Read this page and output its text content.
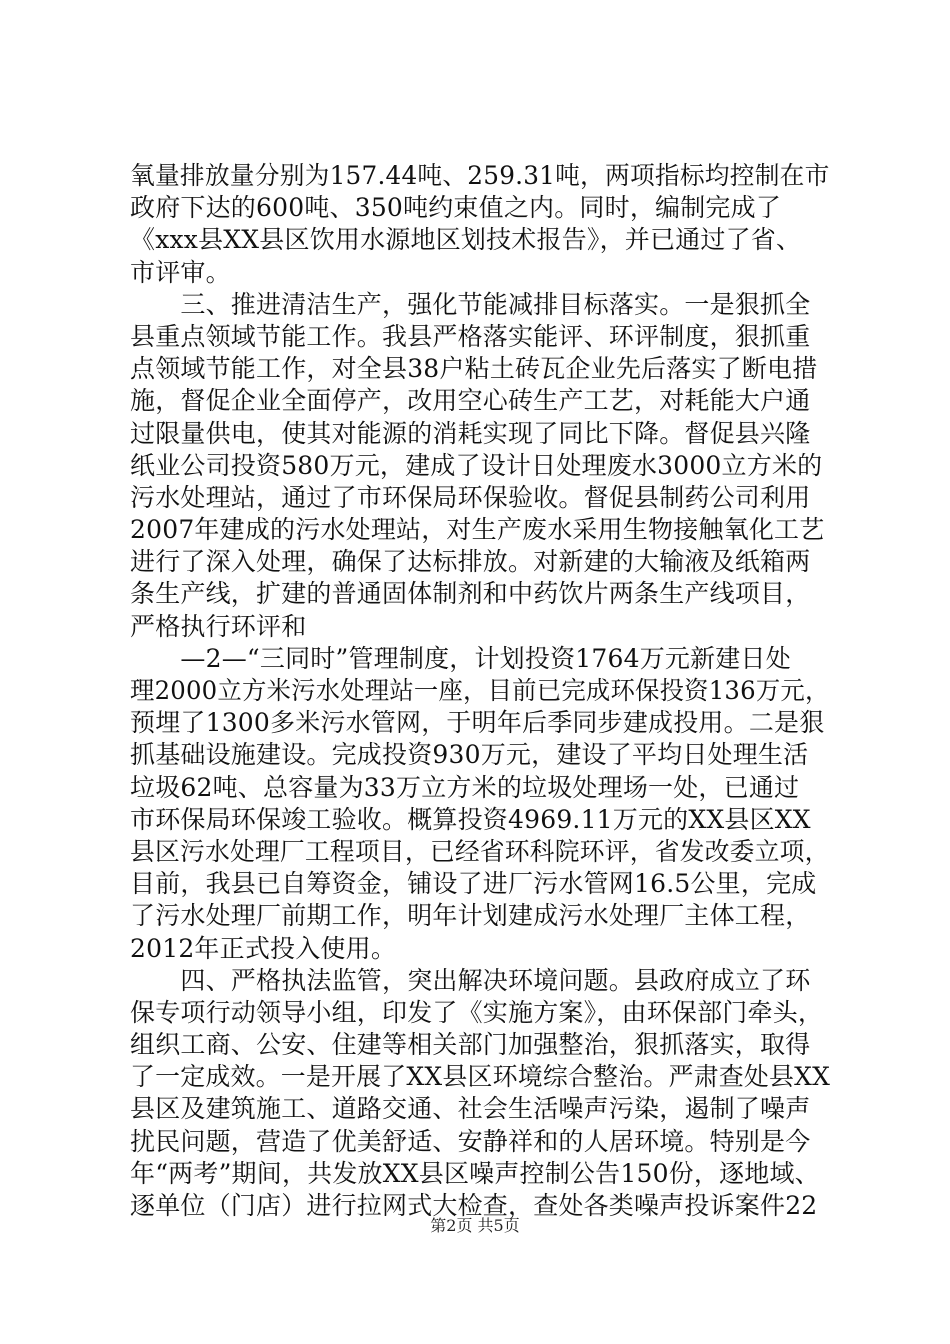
氧量排放量分别为157.44吨、259.31吨，两项指标均控制在市
政府下达的600吨、350吨约束值之内。同时，编制完成了
《xxx县XX县区饮用水源地区划技术报告》，并已通过了省、
市评审。
　　三、推进清洁生产，强化节能减排目标落实。一是狠抓全
县重点领域节能工作。我县严格落实能评、环评制度，狠抓重
点领域节能工作，对全县38户粘土砖瓦企业先后落实了断电措
施，督促企业全面停产，改用空心砖生产工艺，对耗能大户通
过限量供电，使其对能源的消耗实现了同比下降。督促县兴隆
纸业公司投资580万元，建成了设计日处理废水3000立方米的
污水处理站，通过了市环保局环保验收。督促县制药公司利用
2007年建成的污水处理站，对生产废水采用生物接触氧化工艺
进行了深入处理，确保了达标排放。对新建的大输液及纸箱两
条生产线，扩建的普通固体制剂和中药饮片两条生产线项目，
严格执行环评和
　　—2—“三同时”管理制度，计划投资1764万元新建日处
理2000立方米污水处理站一座，目前已完成环保投资136万元，
预埋了1300多米污水管网，于明年后季同步建成投用。二是狠
抓基础设施建设。完成投资930万元，建设了平均日处理生活
垃圾62吨、总容量为33万立方米的垃圾处理场一处，已通过
市环保局环保竣工验收。概算投资4969.11万元的XX县区XX
县区污水处理厂工程项目，已经省环科院环评，省发改委立项，
目前，我县已自筹资金，铺设了进厂污水管网16.5公里，完成
了污水处理厂前期工作，明年计划建成污水处理厂主体工程，
2012年正式投入使用。
　　四、严格执法监管，突出解决环境问题。县政府成立了环
保专项行动领导小组，印发了《实施方案》，由环保部门牵头，
组织工商、公安、住建等相关部门加强整治，狠抓落实，取得
了一定成效。一是开展了XX县区环境综合整治。严肃查处县XX
县区及建筑施工、道路交通、社会生活噪声污染，遏制了噪声
扰民问题，营造了优美舒适、安静祥和的人居环境。特别是今
年“两考”期间，共发放XX县区噪声控制公告150份，逐地域、
逐单位（门店）进行拉网式大检查，查处各类噪声投诉案件22
第2页 共5页
